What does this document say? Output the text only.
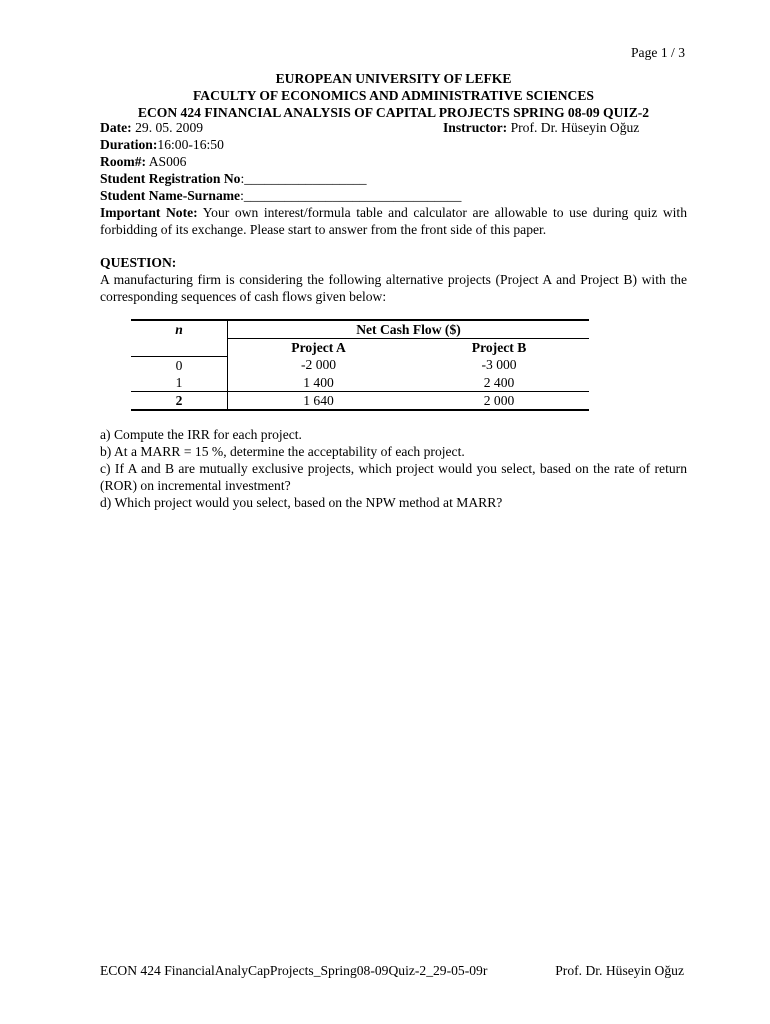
Page 1 / 3
EUROPEAN UNIVERSITY OF LEFKE
FACULTY OF ECONOMICS AND ADMINISTRATIVE SCIENCES
ECON 424 FINANCIAL ANALYSIS OF CAPITAL PROJECTS SPRING 08-09 QUIZ-2
Date: 29. 05. 2009	Instructor: Prof. Dr. Hüseyin Oğuz
Duration:16:00-16:50
Room#: AS006
Student Registration No:__________________
Student Name-Surname:________________________________
Important Note: Your own interest/formula table and calculator are allowable to use during quiz with forbidding of its exchange. Please start to answer from the front side of this paper.
QUESTION:
A manufacturing firm is considering the following alternative projects (Project A and Project B) with the corresponding sequences of cash flows given below:
n	Net Cash Flow ($)	
	Project A	Project B
0	-2 000	-3 000
1	1 400	2 400
2	1 640	2 000
a) Compute the IRR for each project.
b) At a MARR = 15 %, determine the acceptability of each project.
c) If A and B are mutually exclusive projects, which project would you select, based on the rate of return (ROR) on incremental investment?
d) Which project would you select, based on the NPW method at MARR?
ECON 424 FinancialAnalyCapProjects_Spring08-09Quiz-2_29-05-09r	Prof. Dr. Hüseyin Oğuz
